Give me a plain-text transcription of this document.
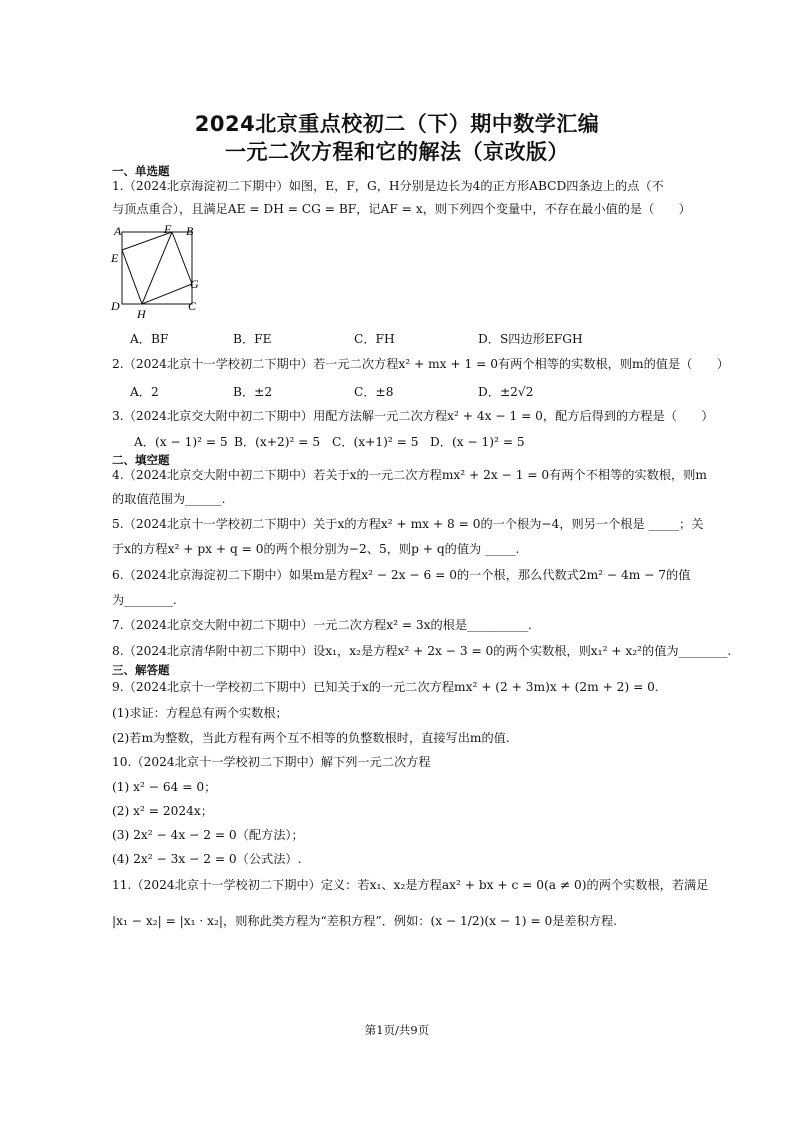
2024北京重点校初二（下）期中数学汇编
一元二次方程和它的解法（京改版）
一、单选题
1.（2024北京海淀初二下期中）如图，E，F，G，H分别是边长为4的正方形ABCD四条边上的点（不
与顶点重合），且满足AE = DH = CG = BF，记AF = x，则下列四个变量中，不存在最小值的是（　　）
A	F B
E
G
D
H
C
A．BF	B．FE	C．FH	D．S四边形EFGH
2.（2024北京十一学校初二下期中）若一元二次方程x² + mx + 1 = 0有两个相等的实数根，则m的值是（　　）
A．2	B．±2	C．±8	D．±2√2
3.（2024北京交大附中初二下期中）用配方法解一元二次方程x² + 4x − 1 = 0，配方后得到的方程是（　　）
A．(x − 1)² = 5 B．(x+2)² = 5 C．(x+1)² = 5 D．(x − 1)² = 5
二、填空题
4.（2024北京交大附中初二下期中）若关于x的一元二次方程mx² + 2x − 1 = 0有两个不相等的实数根，则m
的取值范围为______.
5.（2024北京十一学校初二下期中）关于x的方程x² + mx + 8 = 0的一个根为−4，则另一个根是 _____；关
于x的方程x² + px + q = 0的两个根分别为−2、5，则p + q的值为 _____.
6.（2024北京海淀初二下期中）如果m是方程x² − 2x − 6 = 0的一个根，那么代数式2m² − 4m − 7的值
为________.
7.（2024北京交大附中初二下期中）一元二次方程x² = 3x的根是__________.
8.（2024北京清华附中初二下期中）设x₁，x₂是方程x² + 2x − 3 = 0的两个实数根，则x₁² + x₂²的值为________.
三、解答题
9.（2024北京十一学校初二下期中）已知关于x的一元二次方程mx² + (2 + 3m)x + (2m + 2) = 0.
(1)求证：方程总有两个实数根；
(2)若m为整数，当此方程有两个互不相等的负整数根时，直接写出m的值.
10.（2024北京十一学校初二下期中）解下列一元二次方程
(1) x² − 64 = 0；
(2) x² = 2024x；
(3) 2x² − 4x − 2 = 0（配方法）；
(4) 2x² − 3x − 2 = 0（公式法）.
11.（2024北京十一学校初二下期中）定义：若x₁、x₂是方程ax² + bx + c = 0(a ≠ 0)的两个实数根，若满足
|x₁ − x₂| = |x₁ · x₂|，则称此类方程为“差积方程”．例如：(x − 1/2)(x − 1) = 0是差积方程.
第1页/共9页
